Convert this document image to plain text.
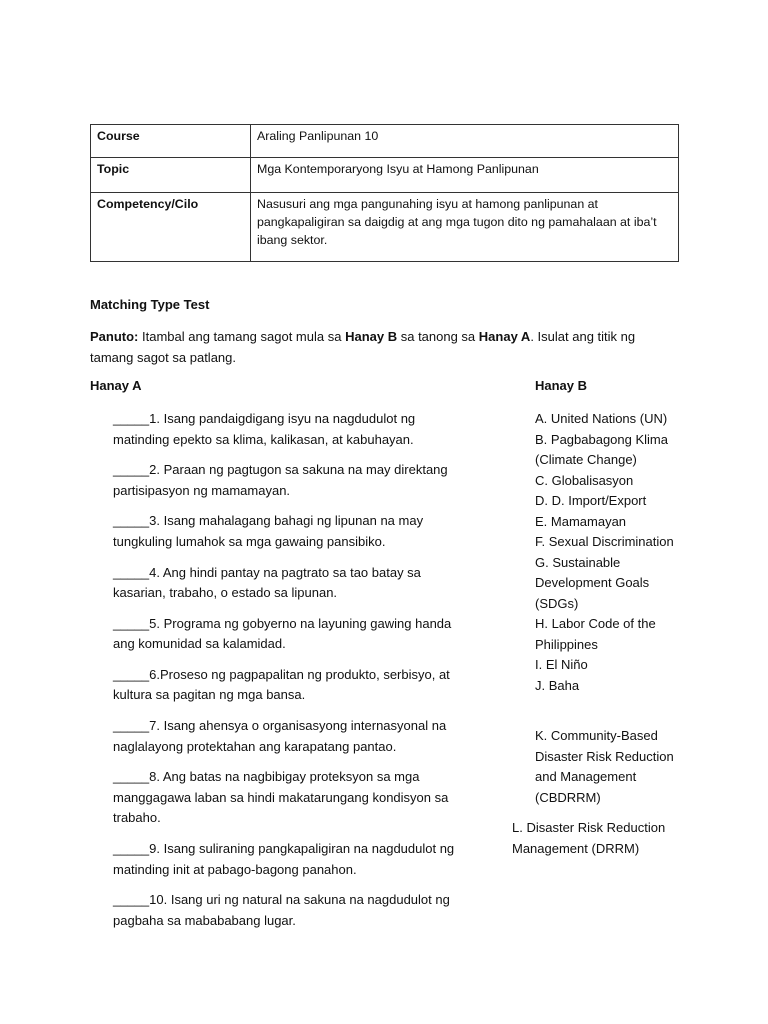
Course	Araling Panlipunan 10
Topic	Mga Kontemporaryong Isyu at Hamong Panlipunan
Competency/Cilo	Nasusuri ang mga pangunahing isyu at hamong panlipunan at pangkapaligiran sa daigdig at ang mga tugon dito ng pamahalaan at iba’t ibang sektor.
Matching Type Test
Panuto: Itambal ang tamang sagot mula sa Hanay B sa tanong sa Hanay A. Isulat ang titik ng tamang sagot sa patlang.
Hanay A	Hanay B
_____1. Isang pandaigdigang isyu na nagdudulot ng matinding epekto sa klima, kalikasan, at kabuhayan.
_____2. Paraan ng pagtugon sa sakuna na may direktang partisipasyon ng mamamayan.
_____3. Isang mahalagang bahagi ng lipunan na may tungkuling lumahok sa mga gawaing pansibiko.
_____4. Ang hindi pantay na pagtrato sa tao batay sa kasarian, trabaho, o estado sa lipunan.
_____5. Programa ng gobyerno na layuning gawing handa ang komunidad sa kalamidad.
_____6.Proseso ng pagpapalitan ng produkto, serbisyo, at kultura sa pagitan ng mga bansa.
_____7. Isang ahensya o organisasyong internasyonal na naglalayong protektahan ang karapatang pantao.
_____8. Ang batas na nagbibigay proteksyon sa mga manggagawa laban sa hindi makatarungang kondisyon sa trabaho.
_____9. Isang suliraning pangkapaligiran na nagdudulot ng matinding init at pabago-bagong panahon.
_____10. Isang uri ng natural na sakuna na nagdudulot ng pagbaha sa mabababang lugar.
A. United Nations (UN)
B. Pagbabagong Klima (Climate Change)
C. Globalisasyon
D. D. Import/Export
E. Mamamayan
F. Sexual Discrimination
G. Sustainable Development Goals (SDGs)
H. Labor Code of the Philippines
I. El Niño
J. Baha
K. Community-Based Disaster Risk Reduction and Management (CBDRRM)
L. Disaster Risk Reduction Management (DRRM)
